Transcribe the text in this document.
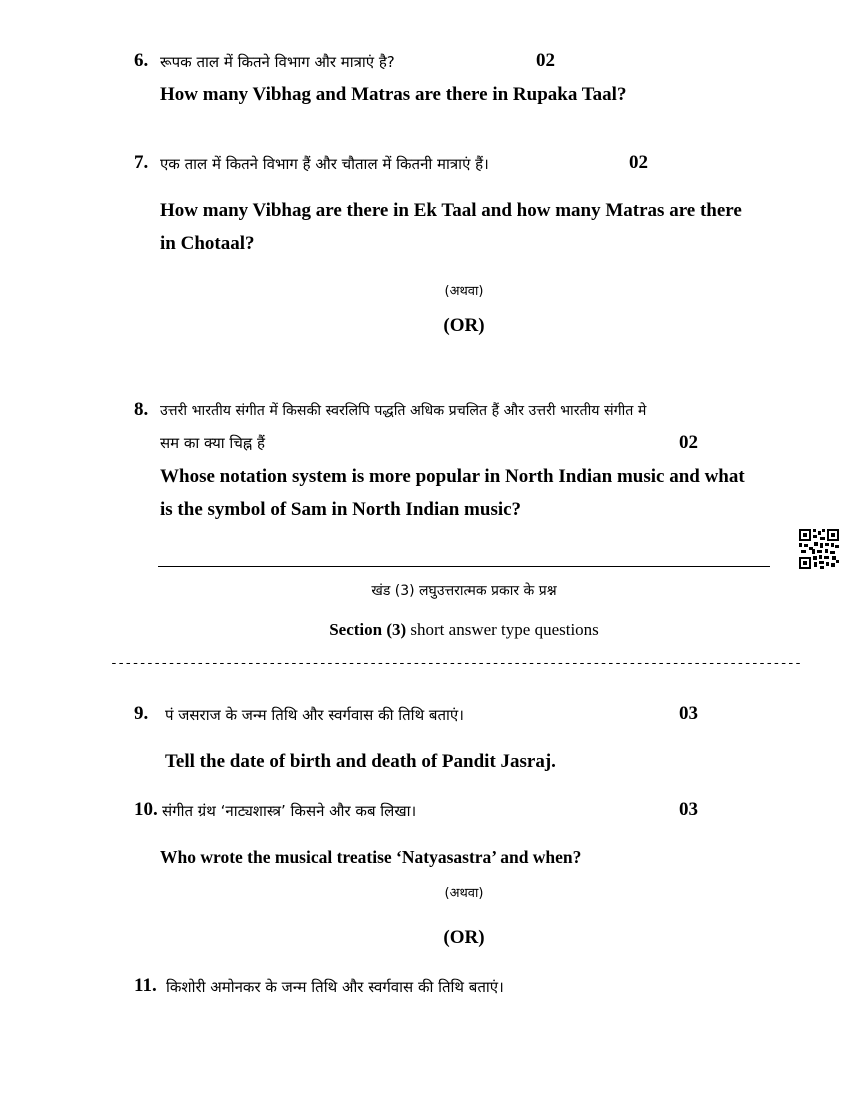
6. रूपक ताल में कितने विभाग और मात्राएं है?	02
How many Vibhag and Matras are there in Rupaka Taal?
7. एक ताल में कितने विभाग हैं और चौताल में कितनी मात्राएं हैं।	02
How many Vibhag are there in Ek Taal and how many Matras are there
in Chotaal?
(अथवा)
(OR)
8. उत्तरी भारतीय संगीत में किसकी स्वरलिपि पद्धति अधिक प्रचलित हैं और उत्तरी भारतीय संगीत मे
सम का क्या चिह्न हैं	02
Whose notation system is more popular in North Indian music and what
is the symbol of Sam in North Indian music?
खंड (3) लघुउत्तरात्मक प्रकार के प्रश्न
Section (3) short answer type questions
------------------------------------------------------------------------------------------------
9. पं जसराज के जन्म तिथि और स्वर्गवास की तिथि बताएं।	03
Tell the date of birth and death of Pandit Jasraj.
10. संगीत ग्रंथ ‘नाट्यशास्त्र’ किसने और कब लिखा।	03
Who wrote the musical treatise ‘Natyasastra’ and when?
(अथवा)
(OR)
11. किशोरी अमोनकर के जन्म तिथि और स्वर्गवास की तिथि बताएं।
